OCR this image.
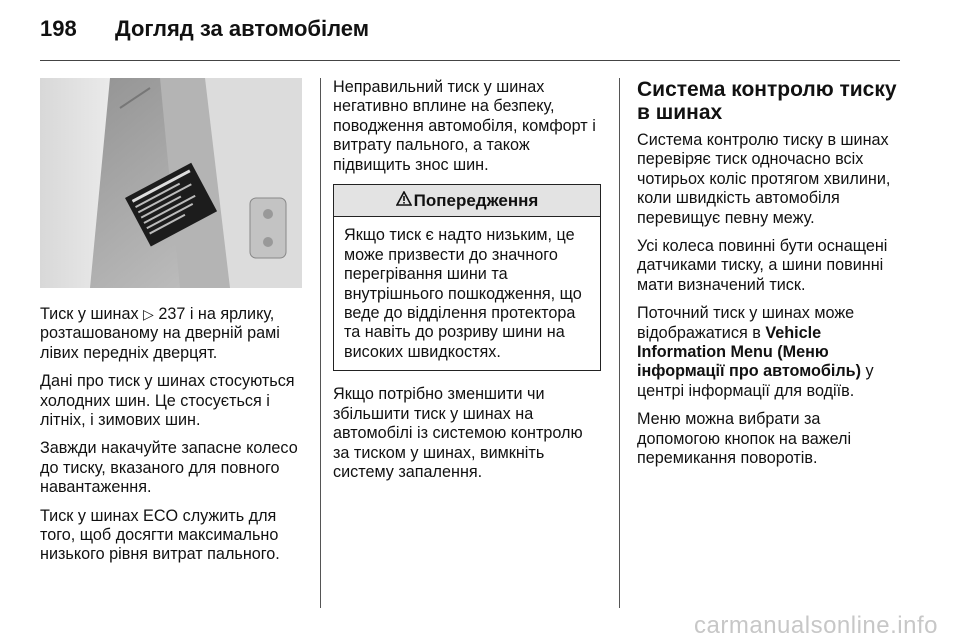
198 Догляд за автомобілем

Тиск у шинах ▷ 237 і на ярлику, розташованому на дверній рамі лівих передніх дверцят.

Дані про тиск у шинах стосуються холодних шин. Це стосується і літніх, і зимових шин.

Завжди накачуйте запасне колесо до тиску, вказаного для повного навантаження.

Тиск у шинах ECO служить для того, щоб досягти максимально низького рівня витрат пального.

Неправильний тиск у шинах негативно вплине на безпеку, поводження автомобіля, комфорт і витрату пального, а також підвищить знос шин.

Попередження
Якщо тиск є надто низьким, це може призвести до значного перегрівання шини та внутрішнього пошкодження, що веде до відділення протектора та навіть до розриву шини на високих швидкостях.

Якщо потрібно зменшити чи збільшити тиск у шинах на автомобілі із системою контролю за тиском у шинах, вимкніть систему запалення.

Система контролю тиску в шинах

Система контролю тиску в шинах перевіряє тиск одночасно всіх чотирьох коліс протягом хвилини, коли швидкість автомобіля перевищує певну межу.

Усі колеса повинні бути оснащені датчиками тиску, а шини повинні мати визначений тиск.

Поточний тиск у шинах може відображатися в Vehicle Information Menu (Меню інформації про автомобіль) у центрі інформації для водіїв.

Меню можна вибрати за допомогою кнопок на важелі перемикання поворотів.

carmanualsonline.info
